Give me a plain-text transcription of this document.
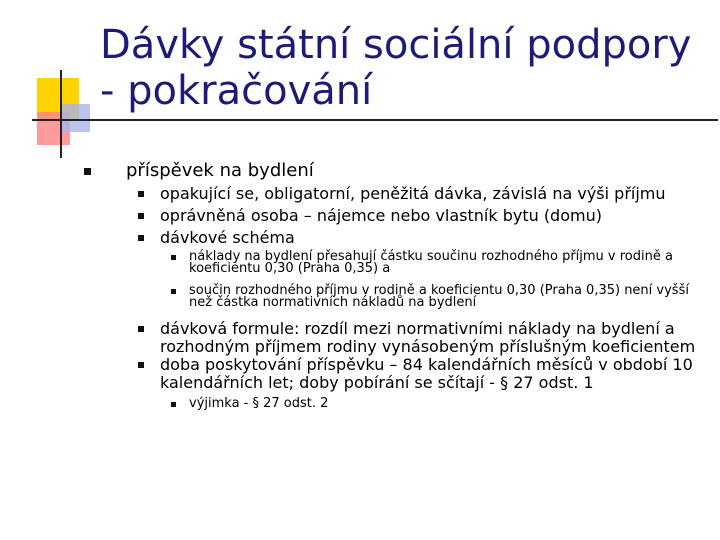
Dávky státní sociální podpory - pokračování
příspěvek na bydlení
opakující se, obligatorní, peněžitá dávka, závislá na výši příjmu
oprávněná osoba – nájemce nebo vlastník bytu (domu)
dávkové schéma
náklady na bydlení přesahují částku součinu rozhodného příjmu v rodině a koeficientu 0,30 (Praha 0,35) a
součin rozhodného příjmu v rodině a koeficientu 0,30 (Praha 0,35) není vyšší než částka normativních nákladů na bydlení
dávková formule: rozdíl mezi normativními náklady na bydlení a rozhodným příjmem rodiny vynásobeným příslušným koeficientem
doba poskytování příspěvku – 84 kalendářních měsíců v období 10 kalendářních let; doby pobírání se sčítají - § 27 odst. 1
výjimka - § 27 odst. 2
